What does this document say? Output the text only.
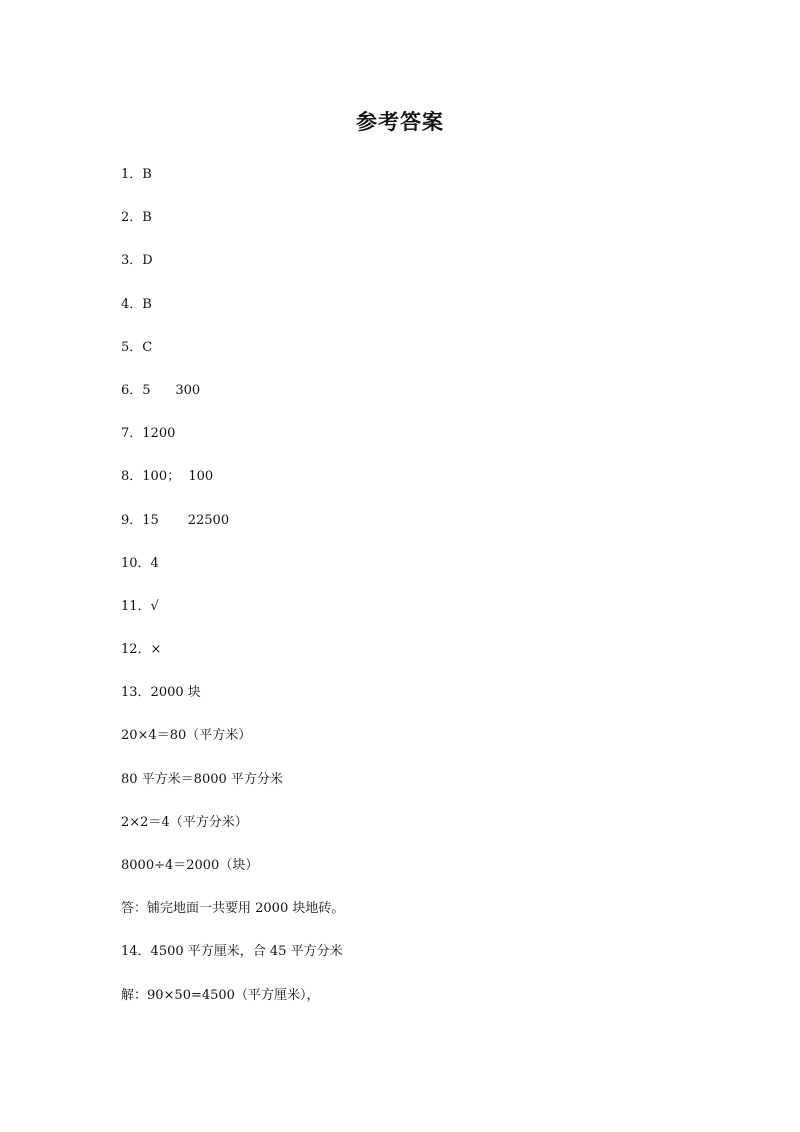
参考答案
1．B
2．B
3．D
4．B
5．C
6．5      300
7．1200
8．100；  100
9．15       22500
10．4
11．√
12．×
13．2000 块
20×4＝80（平方米）
80 平方米＝8000 平方分米
2×2＝4（平方分米）
8000÷4＝2000（块）
答：铺完地面一共要用 2000 块地砖。
14．4500 平方厘米，合 45 平方分米
解：90×50=4500（平方厘米），
